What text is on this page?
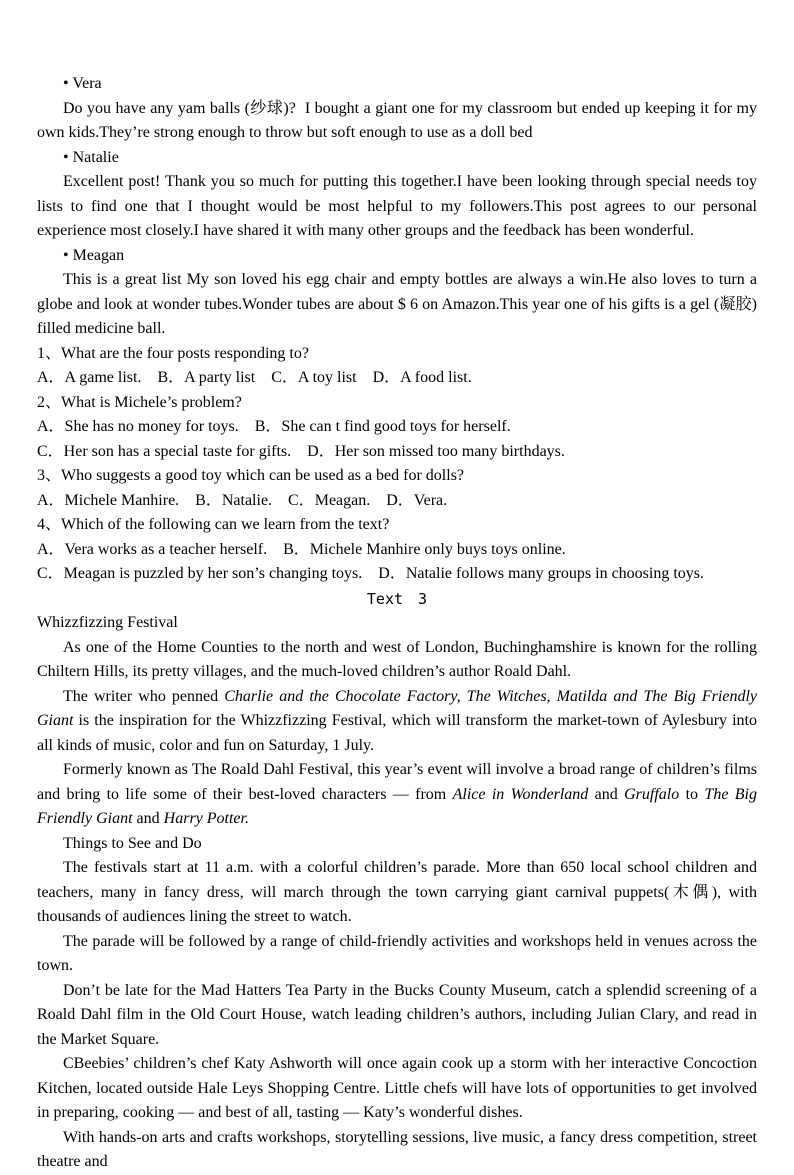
• Vera

Do you have any yam balls (纱球)?  I bought a giant one for my classroom but ended up keeping it for my own kids.They’re strong enough to throw but soft enough to use as a doll bed

• Natalie

Excellent post! Thank you so much for putting this together.I have been looking through special needs toy lists to find one that I thought would be most helpful to my followers.This post agrees to our personal experience most closely.I have shared it with many other groups and the feedback has been wonderful.

• Meagan

This is a great list My son loved his egg chair and empty bottles are always a win.He also loves to turn a globe and look at wonder tubes.Wonder tubes are about $ 6 on Amazon.This year one of his gifts is a gel (凝胶) filled medicine ball.

1、What are the four posts responding to?

A．A game list.    B．A party list    C．A toy list    D．A food list.

2、What is Michele’s problem?

A．She has no money for toys.    B．She can t find good toys for herself.

C．Her son has a special taste for gifts.    D．Her son missed too many birthdays.

3、Who suggests a good toy which can be used as a bed for dolls?

A．Michele Manhire.    B．Natalie.    C．Meagan.    D．Vera.

4、Which of the following can we learn from the text?

A．Vera works as a teacher herself.    B．Michele Manhire only buys toys online.

C．Meagan is puzzled by her son’s changing toys.    D．Natalie follows many groups in choosing toys.

Text 3

Whizzfizzing Festival

As one of the Home Counties to the north and west of London, Buchinghamshire is known for the rolling Chiltern Hills, its pretty villages, and the much-loved children’s author Roald Dahl.

The writer who penned Charlie and the Chocolate Factory, The Witches, Matilda and The Big Friendly Giant is the inspiration for the Whizzfizzing Festival, which will transform the market-town of Aylesbury into all kinds of music, color and fun on Saturday, 1 July.

Formerly known as The Roald Dahl Festival, this year’s event will involve a broad range of children’s films and bring to life some of their best-loved characters — from Alice in Wonderland and Gruffalo to The Big Friendly Giant and Harry Potter.

Things to See and Do

The festivals start at 11 a.m. with a colorful children’s parade. More than 650 local school children and teachers, many in fancy dress, will march through the town carrying giant carnival puppets(木偶), with thousands of audiences lining the street to watch.

The parade will be followed by a range of child-friendly activities and workshops held in venues across the town.

Don’t be late for the Mad Hatters Tea Party in the Bucks County Museum, catch a splendid screening of a Roald Dahl film in the Old Court House, watch leading children’s authors, including Julian Clary, and read in the Market Square.

CBeebies’ children’s chef Katy Ashworth will once again cook up a storm with her interactive Concoction Kitchen, located outside Hale Leys Shopping Centre. Little chefs will have lots of opportunities to get involved in preparing, cooking — and best of all, tasting — Katy’s wonderful dishes.

With hands-on arts and crafts workshops, storytelling sessions, live music, a fancy dress competition, street theatre and
